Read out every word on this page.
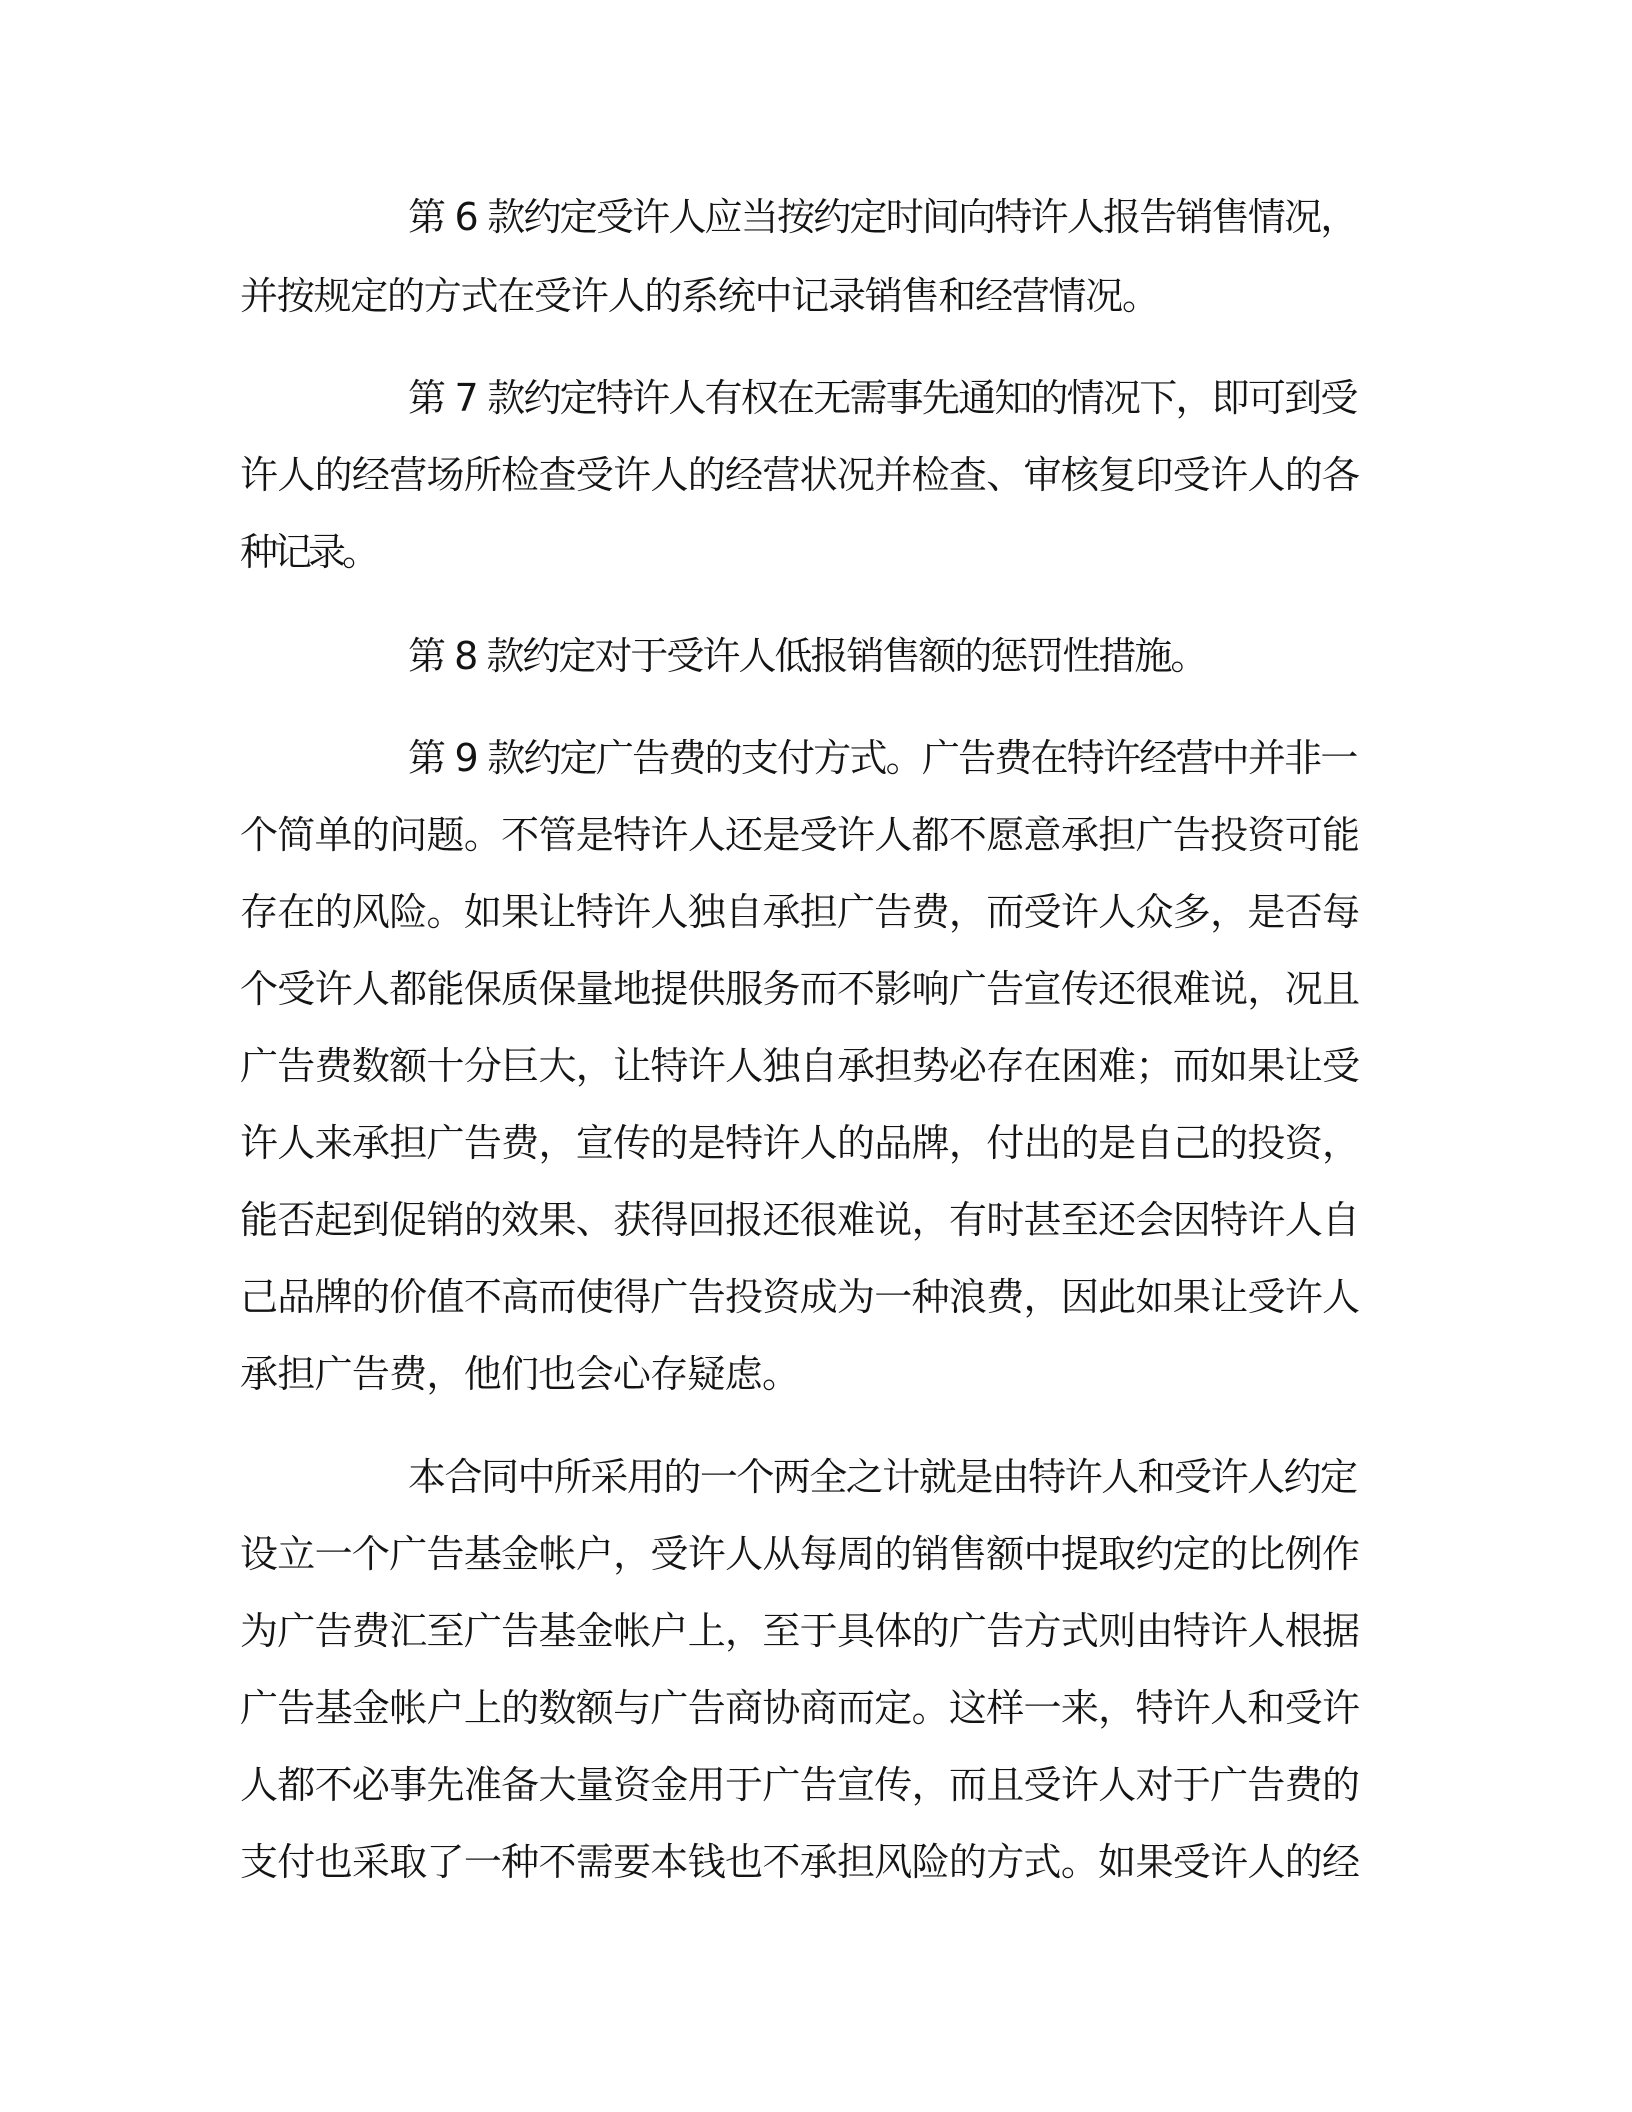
第 6 款约定受许人应当按约定时间向特许人报告销售情况，
并按规定的方式在受许人的系统中记录销售和经营情况。
第 7 款约定特许人有权在无需事先通知的情况下，即可到受
许人的经营场所检查受许人的经营状况并检查、审核复印受许人的各
种记录。
第 8 款约定对于受许人低报销售额的惩罚性措施。
第 9 款约定广告费的支付方式。广告费在特许经营中并非一
个简单的问题。不管是特许人还是受许人都不愿意承担广告投资可能
存在的风险。如果让特许人独自承担广告费，而受许人众多，是否每
个受许人都能保质保量地提供服务而不影响广告宣传还很难说，况且
广告费数额十分巨大，让特许人独自承担势必存在困难；而如果让受
许人来承担广告费，宣传的是特许人的品牌，付出的是自己的投资，
能否起到促销的效果、获得回报还很难说，有时甚至还会因特许人自
己品牌的价值不高而使得广告投资成为一种浪费，因此如果让受许人
承担广告费，他们也会心存疑虑。
本合同中所采用的一个两全之计就是由特许人和受许人约定
设立一个广告基金帐户，受许人从每周的销售额中提取约定的比例作
为广告费汇至广告基金帐户上，至于具体的广告方式则由特许人根据
广告基金帐户上的数额与广告商协商而定。这样一来，特许人和受许
人都不必事先准备大量资金用于广告宣传，而且受许人对于广告费的
支付也采取了一种不需要本钱也不承担风险的方式。如果受许人的经
